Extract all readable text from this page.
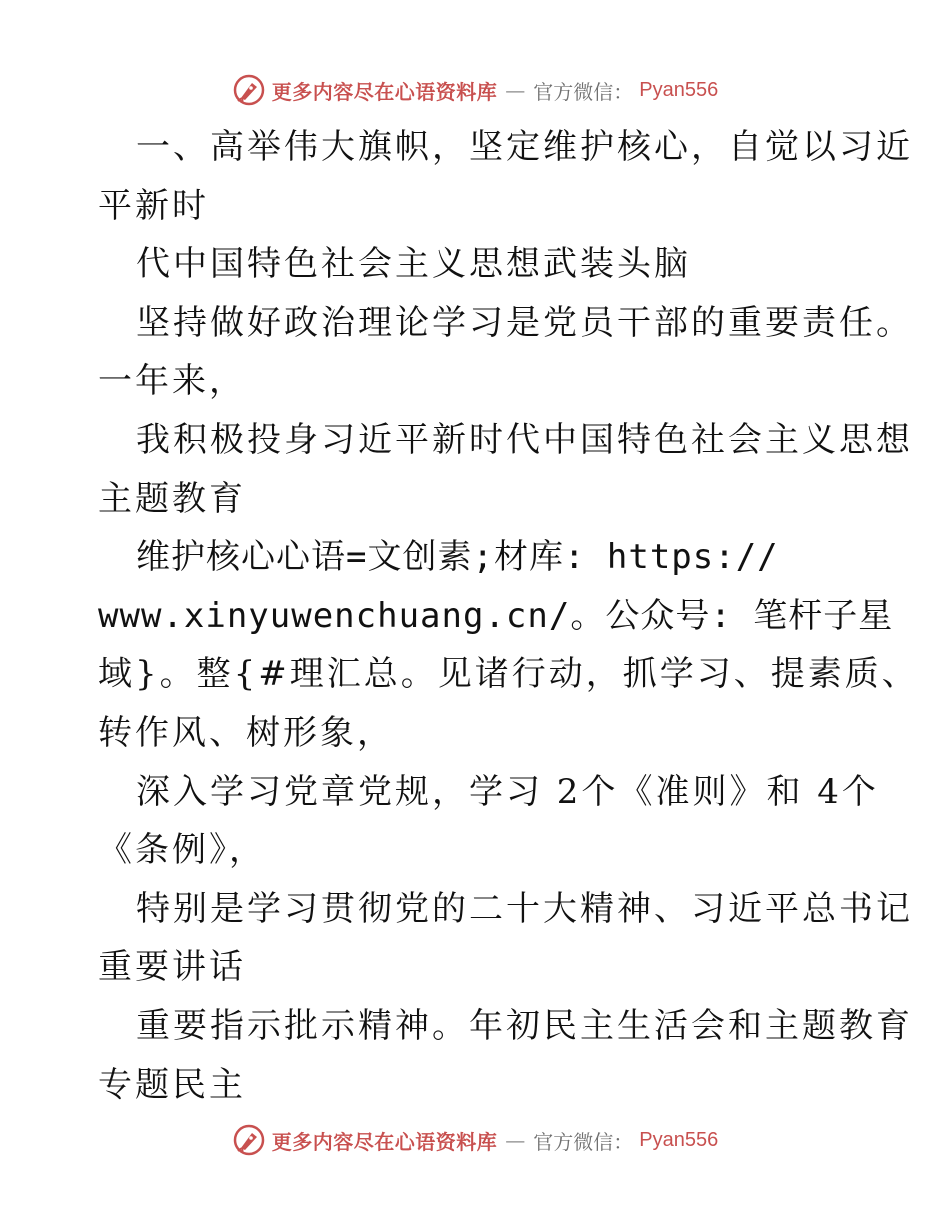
更多内容尽在心语资料库 — 官方微信： Pyan556
一、高举伟大旗帜，坚定维护核心，自觉以习近
平新时
代中国特色社会主义思想武装头脑
坚持做好政治理论学习是党员干部的重要责任。
一年来，
我积极投身习近平新时代中国特色社会主义思想
主题教育
维护核心心语=文创素;材库: https://
www.xinyuwenchuang.cn/。公众号: 笔杆子星
域}。整{#理汇总。见诸行动，抓学习、提素质、
转作风、树形象，
深入学习党章党规，学习 2个《准则》和 4个
《条例》，
特别是学习贯彻党的二十大精神、习近平总书记
重要讲话
重要指示批示精神。年初民主生活会和主题教育
专题民主
更多内容尽在心语资料库 — 官方微信： Pyan556
